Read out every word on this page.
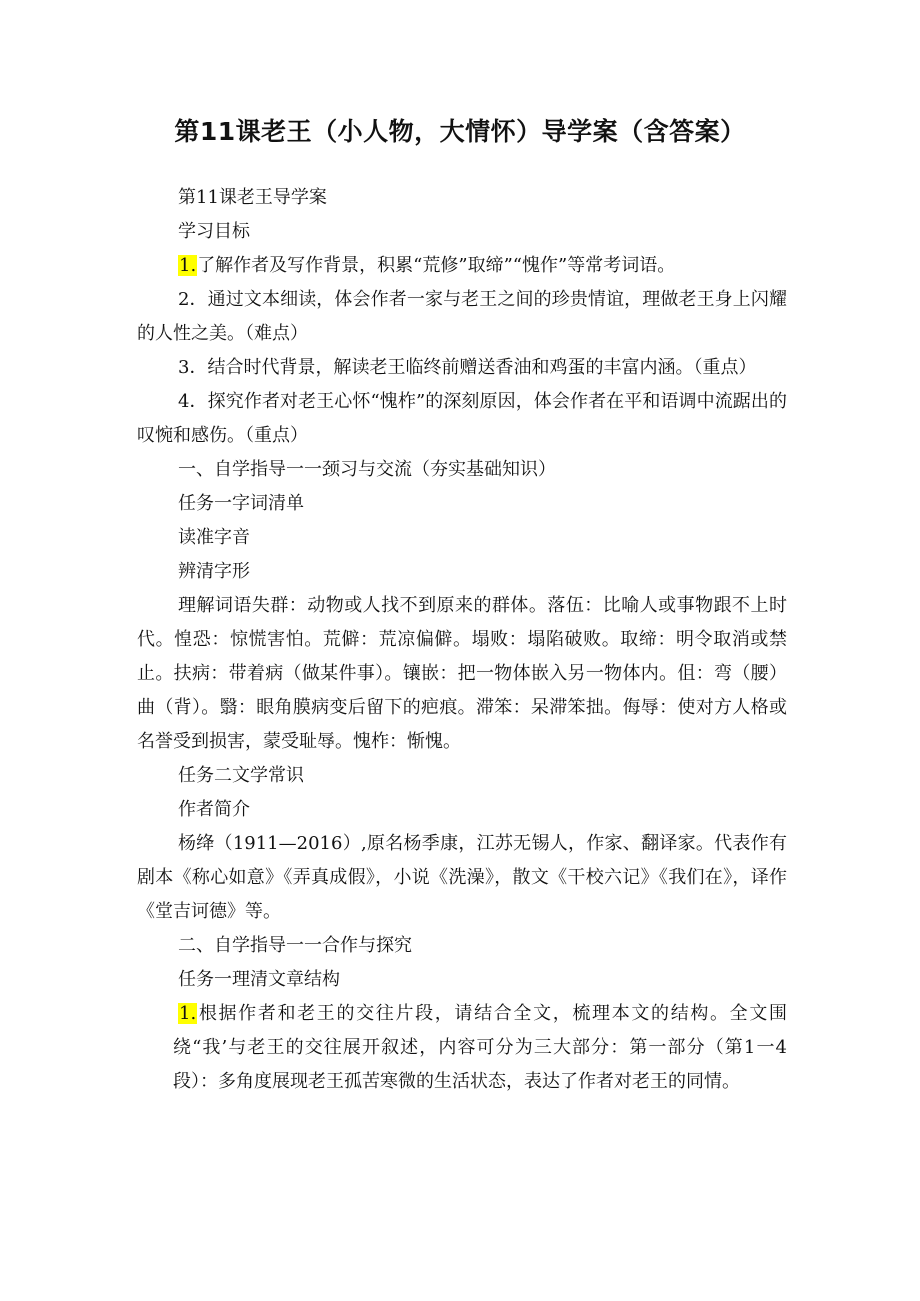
第11课老王（小人物，大情怀）导学案（含答案）

第11课老王导学案

学习目标

1.了解作者及写作背景，积累“荒修”取缔”“愧作”等常考词语。

2．通过文本细读，体会作者一家与老王之间的珍贵情谊，理做老王身上闪耀的人性之美。（难点）

3．结合时代背景，解读老王临终前赠送香油和鸡蛋的丰富内涵。（重点）

4．探究作者对老王心怀“愧柞”的深刻原因，体会作者在平和语调中流踞出的叹惋和感伤。（重点）

一、自学指导一一颈习与交流（夯实基础知识）

任务一字词清单

读准字音

辨清字形

理解词语失群：动物或人找不到原来的群体。落伍：比喻人或事物跟不上时代。惶恐：惊慌害怕。荒僻：荒凉偏僻。塌败：塌陷破败。取缔：明令取消或禁止。扶病：带着病（做某件事）。镶嵌：把一物体嵌入另一物体内。伹：弯（腰）曲（背）。翳：眼角膜病变后留下的疤痕。滞笨：呆滞笨拙。侮辱：使对方人格或名誉受到损害，蒙受耻辱。愧柞：惭愧。

任务二文学常识

作者简介

杨绛（1911—2016）,原名杨季康，江苏无锡人，作家、翻译家。代表作有剧本《称心如意》《弄真成假》，小说《洗澡》，散文《干校六记》《我们在》，译作《堂吉诃德》等。

二、自学指导一一合作与探究

任务一理清文章结构

1.根据作者和老王的交往片段，请结合全文，梳理本文的结构。全文围绕“我’与老王的交往展开叙述，内容可分为三大部分：第一部分（第1一4段）：多角度展现老王孤苦寒微的生活状态，表达了作者对老王的同情。
